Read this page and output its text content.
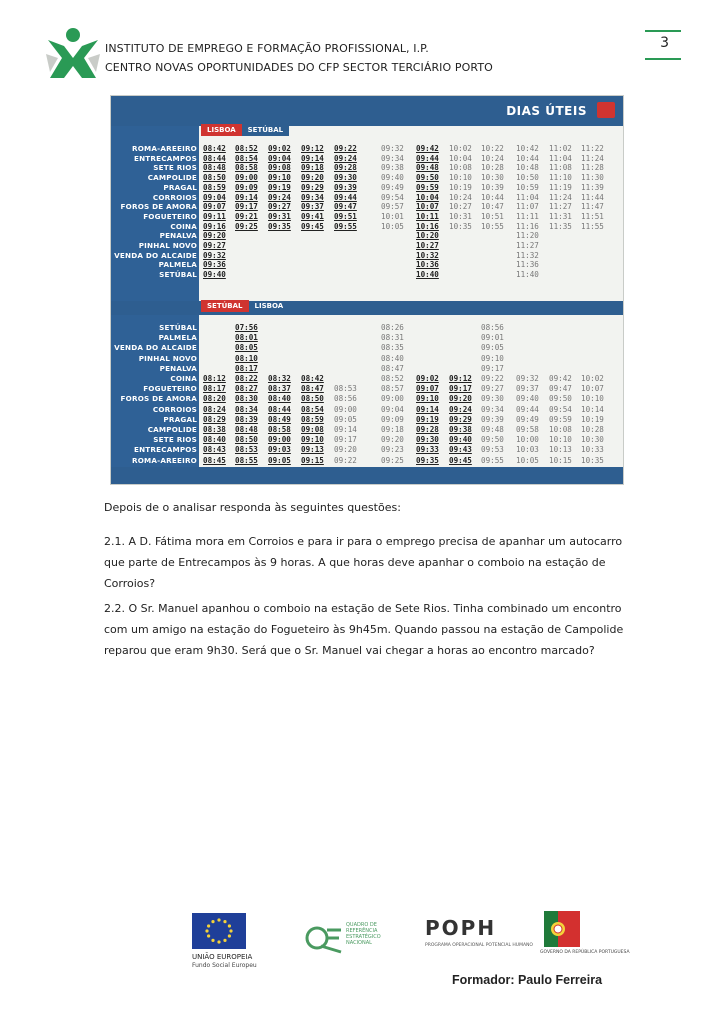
INSTITUTO DE EMPREGO E FORMAÇÃO PROFISSIONAL, I.P.
CENTRO NOVAS OPORTUNIDADES DO CFP SECTOR TERCIÁRIO PORTO
3
DIAS ÚTEIS
LISBOA SETÚBAL
SETÚBAL LISBOA
08:42
08:44
08:48
08:50
08:59
09:04
09:07
09:11
09:16
09:20
09:27
09:32
09:36
09:40
08:52
08:54
08:58
09:00
09:09
09:14
09:17
09:21
09:25
09:02
09:04
09:08
09:10
09:19
09:24
09:27
09:31
09:35
09:12
09:14
09:18
09:20
09:29
09:34
09:37
09:41
09:45
09:22
09:24
09:28
09:30
09:39
09:44
09:47
09:51
09:55
09:32
09:34
09:38
09:40
09:49
09:54
09:57
10:01
10:05
09:42
09:44
09:48
09:50
09:59
10:04
10:07
10:11
10:16
10:20
10:27
10:32
10:36
10:40
10:02
10:04
10:08
10:10
10:19
10:24
10:27
10:31
10:35
10:22
10:24
10:28
10:30
10:39
10:44
10:47
10:51
10:55
10:42
10:44
10:48
10:50
10:59
11:04
11:07
11:11
11:16
11:20
11:27
11:32
11:36
11:40
11:02
11:04
11:08
11:10
11:19
11:24
11:27
11:31
11:35
11:22
11:24
11:28
11:30
11:39
11:44
11:47
11:51
11:55
08:12
08:17
08:20
08:24
08:29
08:38
08:40
08:43
08:45
07:56
08:01
08:05
08:10
08:17
08:22
08:27
08:30
08:34
08:39
08:48
08:50
08:53
08:55
08:32
08:37
08:40
08:44
08:49
08:58
09:00
09:03
09:05
08:42
08:47
08:50
08:54
08:59
09:08
09:10
09:13
09:15
08:53
08:56
09:00
09:05
09:14
09:17
09:20
09:22
08:26
08:31
08:35
08:40
08:47
08:52
08:57
09:00
09:04
09:09
09:18
09:20
09:23
09:25
09:02
09:07
09:10
09:14
09:19
09:28
09:30
09:33
09:35
09:12
09:17
09:20
09:24
09:29
09:38
09:40
09:43
09:45
08:56
09:01
09:05
09:10
09:17
09:22
09:27
09:30
09:34
09:39
09:48
09:50
09:53
09:55
09:32
09:37
09:40
09:44
09:49
09:58
10:00
10:03
10:05
09:42
09:47
09:50
09:54
09:59
10:08
10:10
10:13
10:15
10:02
10:07
10:10
10:14
10:19
10:28
10:30
10:33
10:35
ROMA-AREEIRO
ENTRECAMPOS
SETE RIOS
CAMPOLIDE
PRAGAL
CORROIOS
FOROS DE AMORA
FOGUETEIRO
COINA
PENALVA
PINHAL NOVO
VENDA DO ALCAIDE
PALMELA
SETÚBAL
SETÚBAL
PALMELA
VENDA DO ALCAIDE
PINHAL NOVO
PENALVA
COINA
FOGUETEIRO
FOROS DE AMORA
CORROIOS
PRAGAL
CAMPOLIDE
SETE RIOS
ENTRECAMPOS
ROMA-AREEIRO
Depois de o analisar responda às seguintes questões:
2.1. A D. Fátima mora em Corroios e para ir para o emprego precisa de apanhar um autocarro que parte de Entrecampos às 9 horas. A que horas deve apanhar o comboio na estação de Corroios?
2.2. O Sr. Manuel apanhou o comboio na estação de Sete Rios. Tinha combinado um encontro com um amigo na estação do Fogueteiro às 9h45m. Quando passou na estação de Campolide reparou que eram 9h30. Será que o Sr. Manuel vai chegar a horas ao encontro marcado?
UNIÃO EUROPEIA
Fundo Social Europeu
QUADRO DE REFERÊNCIA ESTRATÉGICO NACIONAL
POPH
PROGRAMA OPERACIONAL POTENCIAL HUMANO
GOVERNO DA REPÚBLICA PORTUGUESA
Formador: Paulo Ferreira
